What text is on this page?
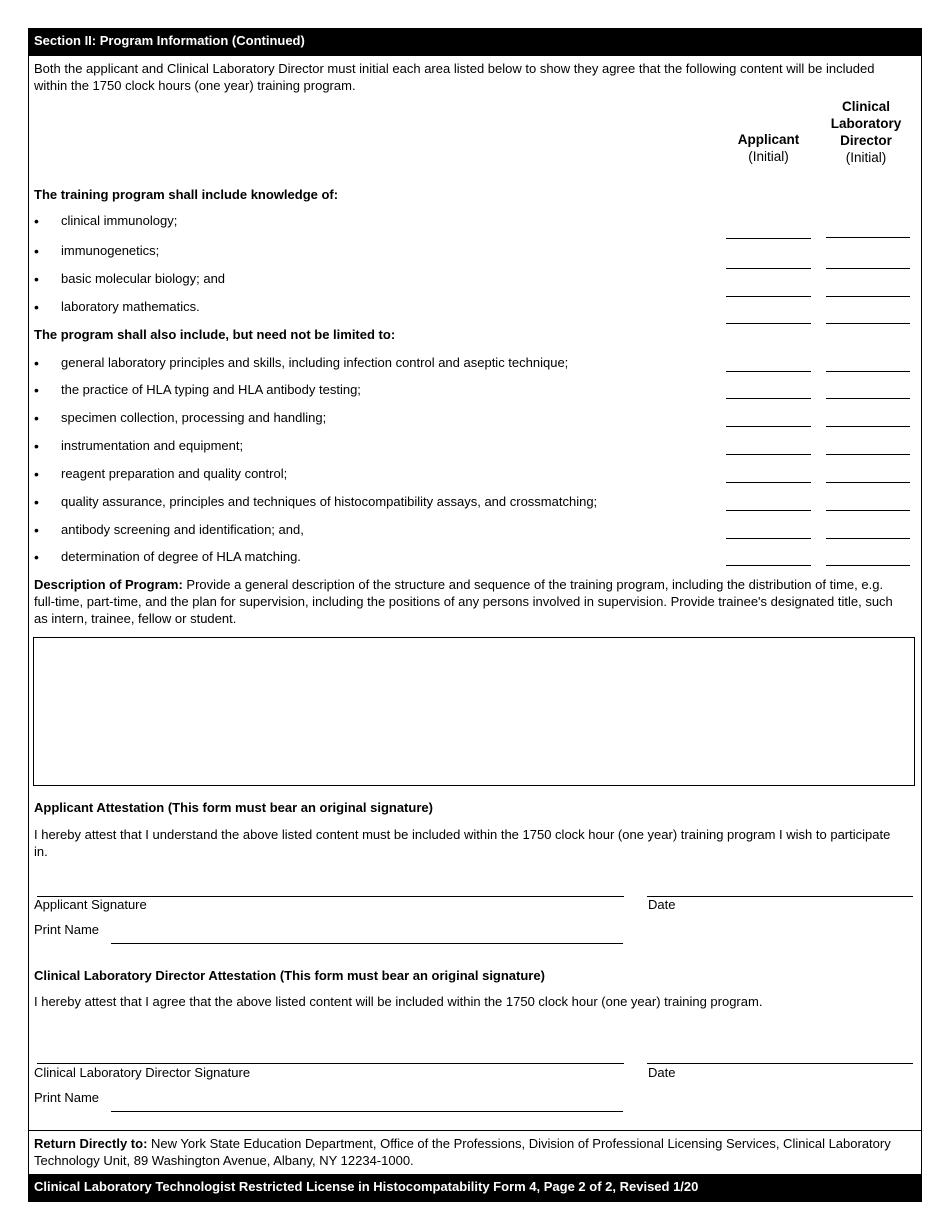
Section II: Program Information (Continued)
Both the applicant and Clinical Laboratory Director must initial each area listed below to show they agree that the following content will be included within the 1750 clock hours (one year) training program.
Applicant
(Initial)
Clinical
Laboratory
Director
(Initial)
The training program shall include knowledge of:
• clinical immunology;
• immunogenetics;
• basic molecular biology; and
• laboratory mathematics.
The program shall also include, but need not be limited to:
• general laboratory principles and skills, including infection control and aseptic technique;
• the practice of HLA typing and HLA antibody testing;
• specimen collection, processing and handling;
• instrumentation and equipment;
• reagent preparation and quality control;
• quality assurance, principles and techniques of histocompatibility assays, and crossmatching;
• antibody screening and identification; and,
• determination of degree of HLA matching.
Description of Program: Provide a general description of the structure and sequence of the training program, including the distribution of time, e.g. full-time, part-time, and the plan for supervision, including the positions of any persons involved in supervision. Provide trainee's designated title, such as intern, trainee, fellow or student.
Applicant Attestation (This form must bear an original signature)
I hereby attest that I understand the above listed content must be included within the 1750 clock hour (one year) training program I wish to participate in.
Applicant Signature	Date
Print Name
Clinical Laboratory Director Attestation (This form must bear an original signature)
I hereby attest that I agree that the above listed content will be included within the 1750 clock hour (one year) training program.
Clinical Laboratory Director Signature	Date
Print Name
Return Directly to: New York State Education Department, Office of the Professions, Division of Professional Licensing Services, Clinical Laboratory Technology Unit, 89 Washington Avenue, Albany, NY 12234-1000.
Clinical Laboratory Technologist Restricted License in Histocompatability Form 4, Page 2 of 2, Revised 1/20
